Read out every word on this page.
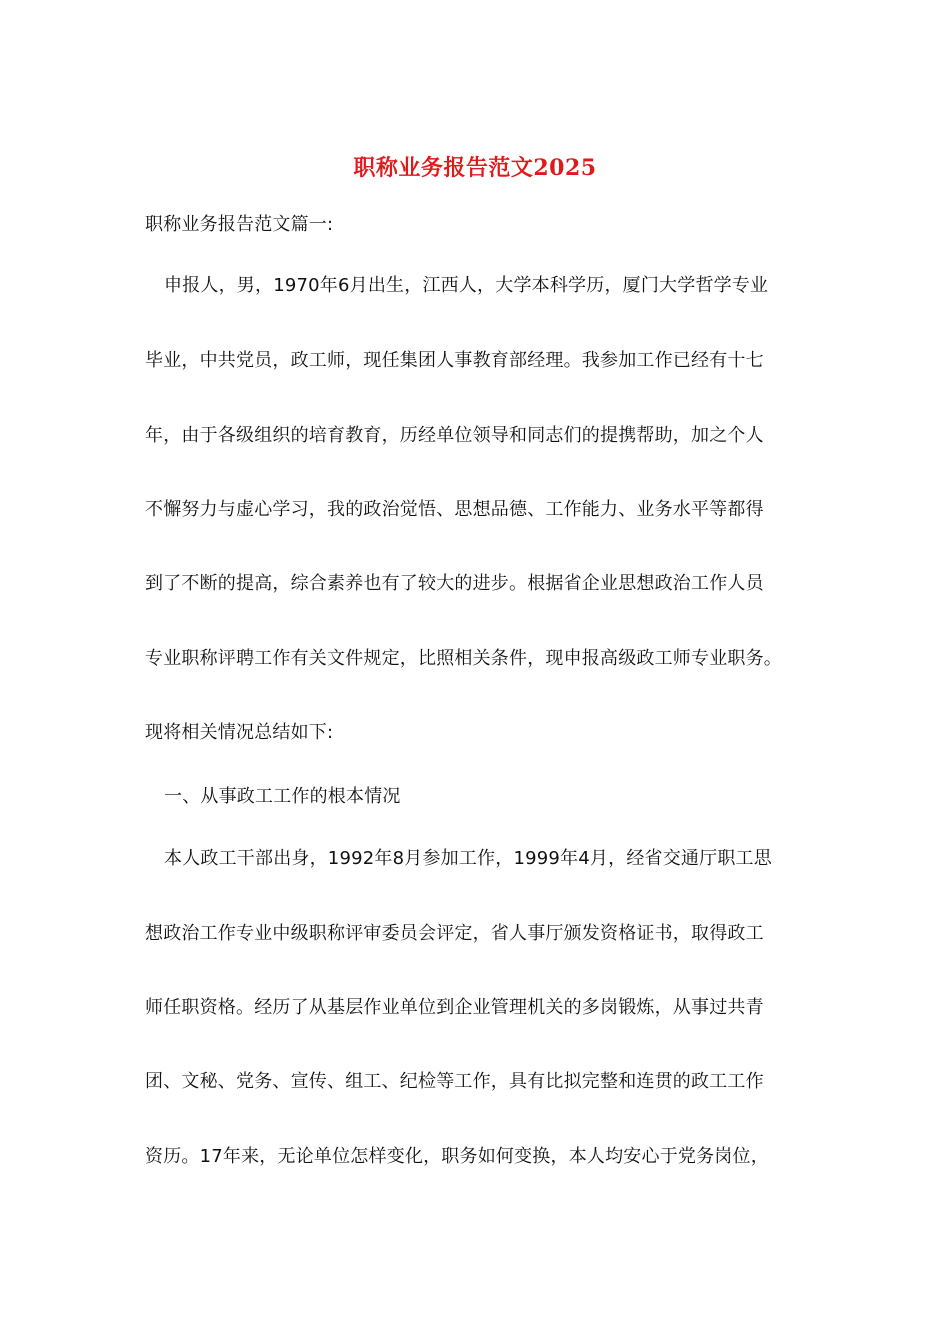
职称业务报告范文2025
职称业务报告范文篇一:
申报人，男，1970年6月出生，江西人，大学本科学历，厦门大学哲学专业
毕业，中共党员，政工师，现任集团人事教育部经理。我参加工作已经有十七
年，由于各级组织的培育教育，历经单位领导和同志们的提携帮助，加之个人
不懈努力与虚心学习，我的政治觉悟、思想品德、工作能力、业务水平等都得
到了不断的提高，综合素养也有了较大的进步。根据省企业思想政治工作人员
专业职称评聘工作有关文件规定，比照相关条件，现申报高级政工师专业职务。
现将相关情况总结如下:
一、从事政工工作的根本情况
本人政工干部出身，1992年8月参加工作，1999年4月，经省交通厅职工思
想政治工作专业中级职称评审委员会评定，省人事厅颁发资格证书，取得政工
师任职资格。经历了从基层作业单位到企业管理机关的多岗锻炼，从事过共青
团、文秘、党务、宣传、组工、纪检等工作，具有比拟完整和连贯的政工工作
资历。17年来，无论单位怎样变化，职务如何变换，本人均安心于党务岗位，
